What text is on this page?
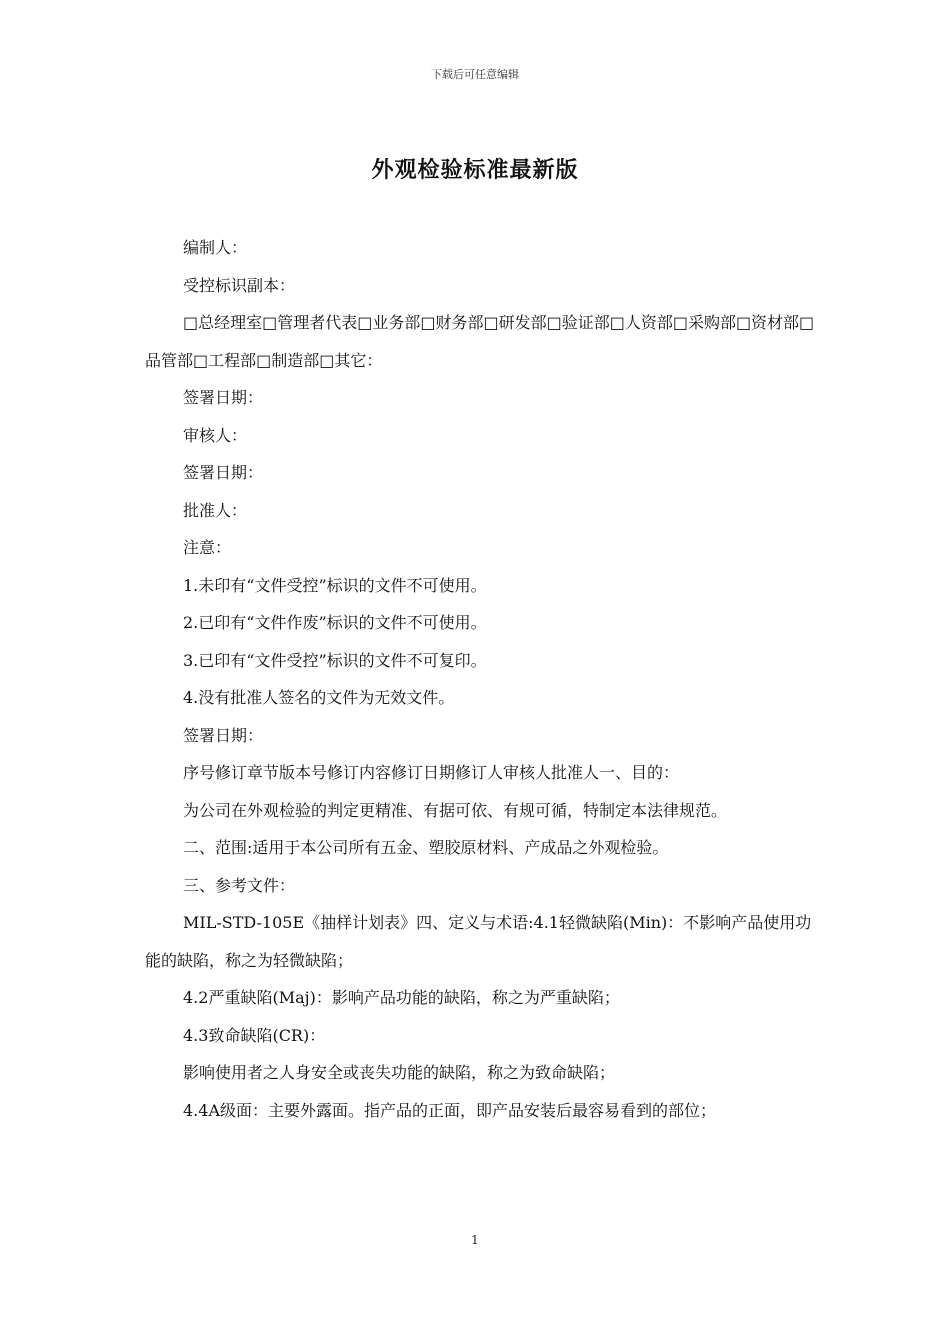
下载后可任意编辑
外观检验标准最新版

编制人：

受控标识副本：

□总经理室□管理者代表□业务部□财务部□研发部□验证部□人资部□采购部□资材部□品管部□工程部□制造部□其它：

签署日期：

审核人：

签署日期：

批准人：

注意：

1.未印有“文件受控”标识的文件不可使用。

2.已印有“文件作废”标识的文件不可使用。

3.已印有“文件受控”标识的文件不可复印。

4.没有批准人签名的文件为无效文件。

签署日期：

序号修订章节版本号修订内容修订日期修订人审核人批准人一、目的：

为公司在外观检验的判定更精准、有据可依、有规可循，特制定本法律规范。

二、范围:适用于本公司所有五金、塑胶原材料、产成品之外观检验。

三、参考文件：

MIL-STD-105E《抽样计划表》四、定义与术语:4.1轻微缺陷(Min)：不影响产品使用功能的缺陷，称之为轻微缺陷；

4.2严重缺陷(Maj)：影响产品功能的缺陷，称之为严重缺陷；

4.3致命缺陷(CR)：

影响使用者之人身安全或丧失功能的缺陷，称之为致命缺陷；

4.4A级面：主要外露面。指产品的正面，即产品安装后最容易看到的部位；

1
